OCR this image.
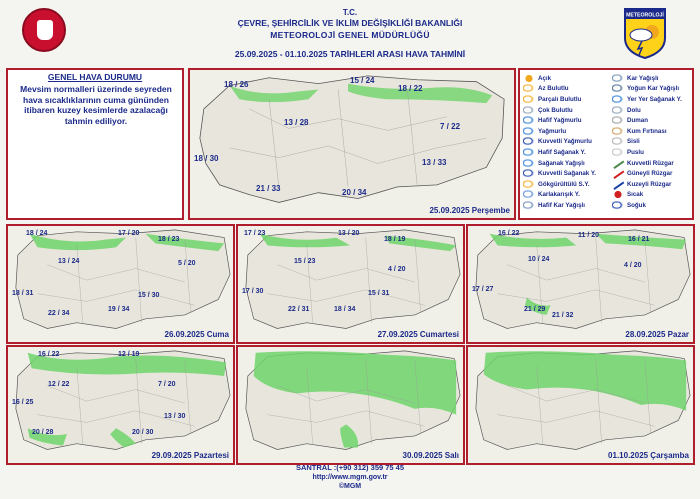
T.C.
ÇEVRE, ŞEHİRCİLİK VE İKLİM DEĞİŞİKLİĞİ BAKANLIĞI
METEOROLOJİ GENEL MÜDÜRLÜĞÜ
25.09.2025 - 01.10.2025 TARİHLERİ ARASI HAVA TAHMİNİ
METEOROLOJİ
GENEL HAVA DURUMU
Mevsim normalleri üzerinde seyreden hava sıcaklıklarının cuma gününden itibaren kuzey kesimlerde azalacağı tahmin ediliyor.
18 / 26	15 / 24
18 / 22
13 / 28	7 / 22
18 / 30	13 / 33
21 / 33	20 / 34
25.09.2025 Perşembe
Açık
Az Bulutlu
Parçalı Bulutlu
Çok Bulutlu
Hafif Yağmurlu
Yağmurlu
Kuvvetli Yağmurlu
Hafif Sağanak Y.
Sağanak Yağışlı
Kuvvetli Sağanak Y.
Gökgürültülü S.Y.
Karlakarışık Y.
Hafif Kar Yağışlı
Kar Yağışlı
Yoğun Kar Yağışlı
Yer Yer Sağanak Y.
Dolu
Duman
Kum Fırtınası
Sisli
Puslu
Kuvvetli Rüzgar
Güneyli Rüzgar
Kuzeyli Rüzgar
Sıcak
Soğuk
18 / 24	17 / 20
18 / 23
13 / 24	5 / 20
18 / 31	15 / 30
22 / 34
19 / 34
26.09.2025 Cuma
17 / 23	13 / 20
18 / 19
15 / 23
4 / 20
17 / 30	15 / 31
22 / 31	18 / 34
27.09.2025 Cumartesi
16 / 22	11 / 20
16 / 21
10 / 24
4 / 20
17 / 27
21 / 29
21 / 32
28.09.2025 Pazar
16 / 22	12 / 19
12 / 22	7 / 20
16 / 25
13 / 30
20 / 28	20 / 30
29.09.2025 Pazartesi	30.09.2025 Salı	01.10.2025 Çarşamba
SANTRAL :(+90 312) 359 75 45
http://www.mgm.gov.tr
©MGM
